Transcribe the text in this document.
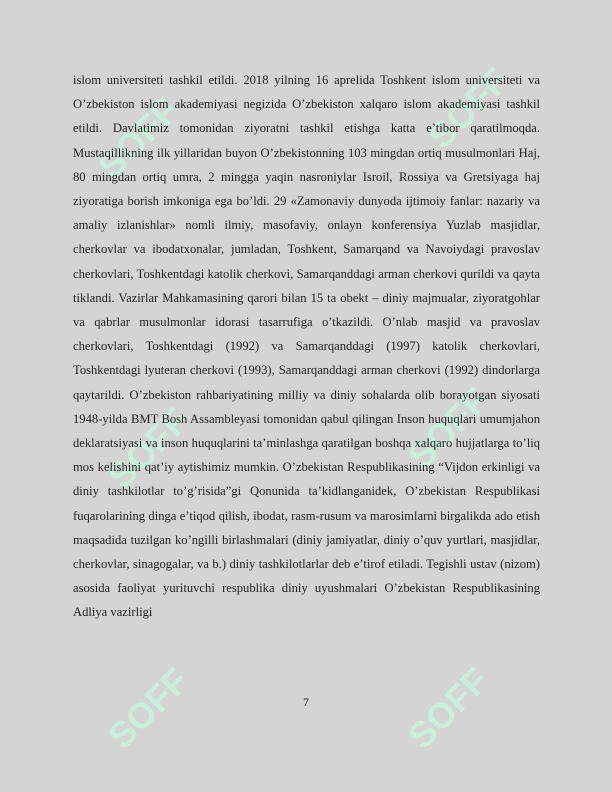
SOFF	SOFF
SOFF	SOFF
SOFF	SOFF

islom universiteti tashkil etildi. 2018 yilning 16 aprelida Toshkent islom universiteti va O’zbekiston islom akademiyasi negizida O’zbekiston xalqaro islom akademiyasi tashkil etildi. Davlatimiz tomonidan ziyoratni tashkil etishga katta e’tibor qaratilmoqda. Mustaqillikning ilk yillaridan buyon O’zbekistonning 103 mingdan ortiq musulmonlari Haj, 80 mingdan ortiq umra, 2 mingga yaqin nasroniylar Isroil, Rossiya va Gretsiyaga haj ziyoratiga borish imkoniga ega bo’ldi. 29 «Zamonaviy dunyoda ijtimoiy fanlar: nazariy va amaliy izlanishlar» nomli ilmiy, masofaviy, onlayn konferensiya Yuzlab masjidlar, cherkovlar va ibodatxonalar, jumladan, Toshkent, Samarqand va Navoiydagi pravoslav cherkovlari, Toshkentdagi katolik cherkovi, Samarqanddagi arman cherkovi qurildi va qayta tiklandi. Vazirlar Mahkamasining qarori bilan 15 ta obekt – diniy majmualar, ziyoratgohlar va qabrlar musulmonlar idorasi tasarrufiga o’tkazildi. O’nlab masjid va pravoslav cherkovlari, Toshkentdagi (1992) va Samarqanddagi (1997) katolik cherkovlari, Toshkentdagi lyuteran cherkovi (1993), Samarqanddagi arman cherkovi (1992) dindorlarga qaytarildi. O’zbekiston rahbariyatining milliy va diniy sohalarda olib borayotgan siyosati 1948-yilda BMT Bosh Assambleyasi tomonidan qabul qilingan Inson huquqlari umumjahon deklaratsiyasi va inson huquqlarini ta’minlashga qaratilgan boshqa xalqaro hujjatlarga to’liq mos kelishini qat’iy aytishimiz mumkin. O’zbekistan Respublikasining “Vijdon erkinligi va diniy tashkilotlar to’g’risida”gi Qonunida ta’kidlanganidek, O’zbekistan Respublikasi fuqarolarining dinga e’tiqod qilish, ibodat, rasm-rusum va marosimlarni birgalikda ado etish maqsadida tuzilgan ko’ngilli birlashmalari (diniy jamiyatlar, diniy o’quv yurtlari, masjidlar, cherkovlar, sinagogalar, va b.) diniy tashkilotlarlar deb e’tirof etiladi. Tegishli ustav (nizom) asosida faoliyat yurituvchi respublika diniy uyushmalari O’zbekistan Respublikasining Adliya vazirligi

7
